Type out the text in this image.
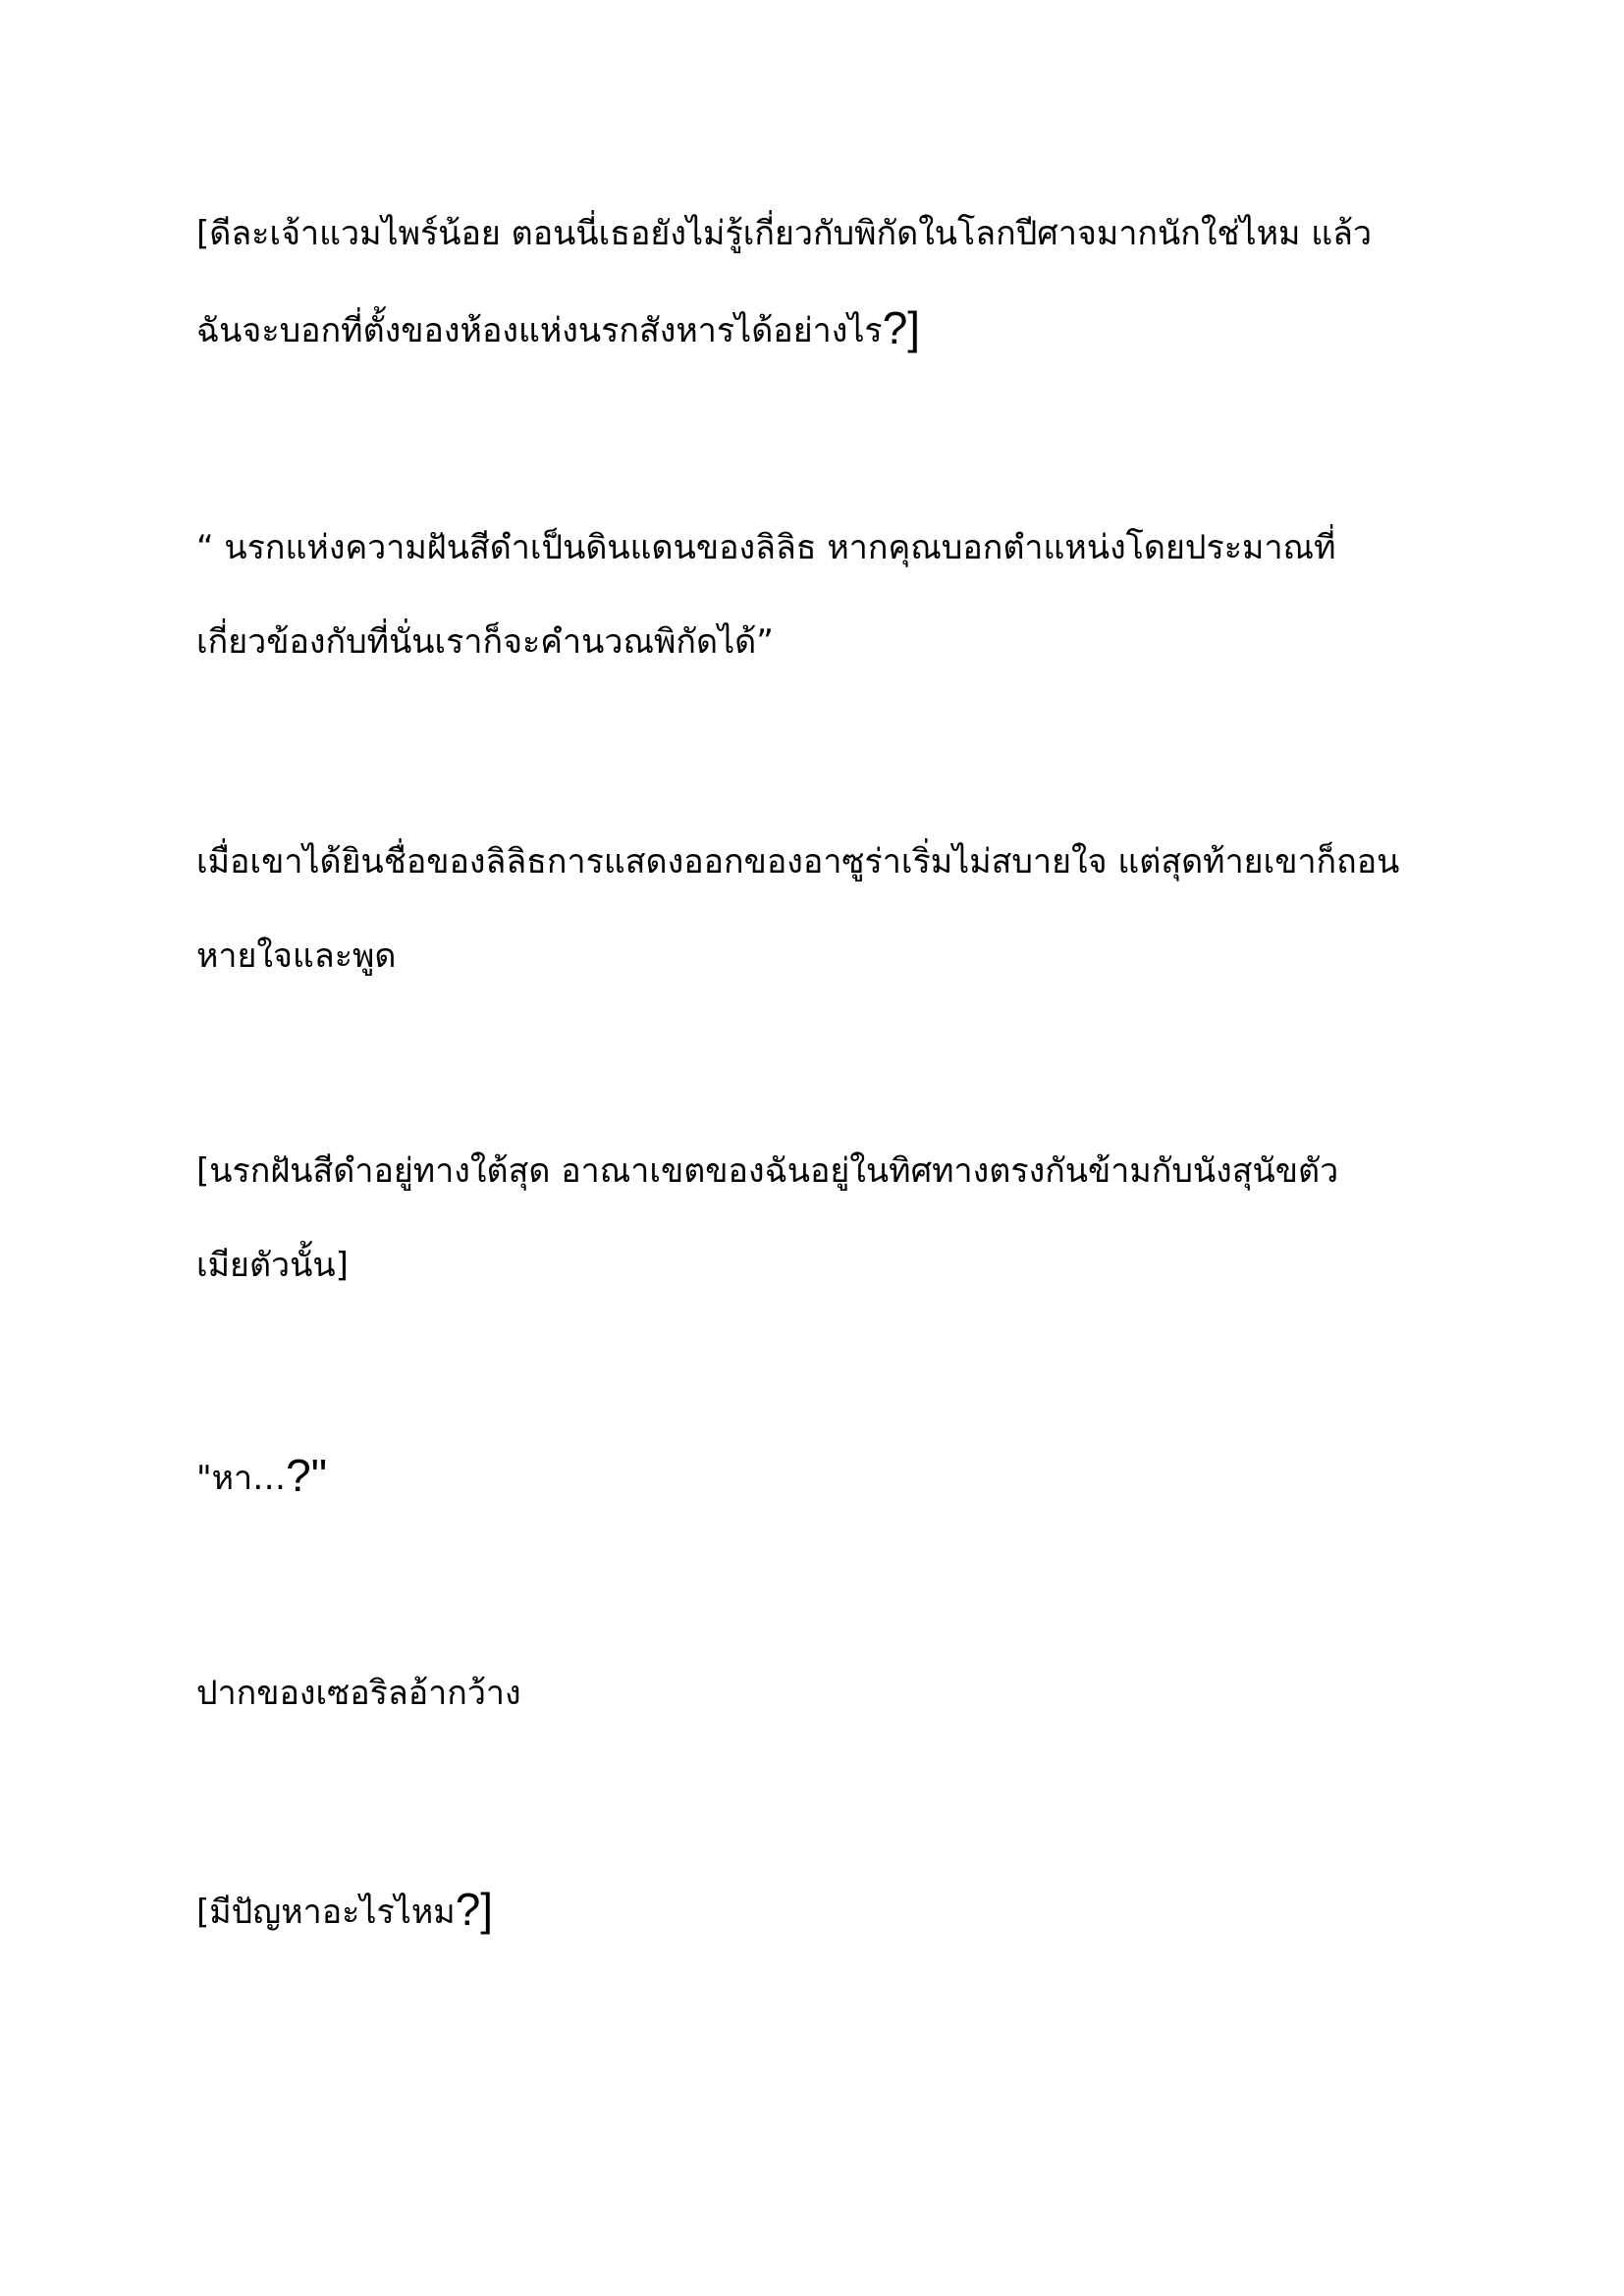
[ดีละเจ้าแวมไพร์น้อย ตอนนี่เธอยังไม่รู้เกี่ยวกับพิกัดในโลกปีศาจมากนักใช่ไหม แล้ว
ฉันจะบอกที่ตั้งของห้องแห่งนรกสังหารได้อย่างไร?]

“ นรกแห่งความฝันสีดำเป็นดินแดนของลิลิธ หากคุณบอกตำแหน่งโดยประมาณที่
เกี่ยวข้องกับที่นั่นเราก็จะคำนวณพิกัดได้”

เมื่อเขาได้ยินชื่อของลิลิธการแสดงออกของอาซูร่าเริ่มไม่สบายใจ แต่สุดท้ายเขาก็ถอน
หายใจและพูด

[นรกฝันสีดำอยู่ทางใต้สุด อาณาเขตของฉันอยู่ในทิศทางตรงกันข้ามกับนังสุนัขตัว
เมียตัวนั้น]

"หา…?"

ปากของเซอริลอ้ากว้าง

[มีปัญหาอะไรไหม?]
